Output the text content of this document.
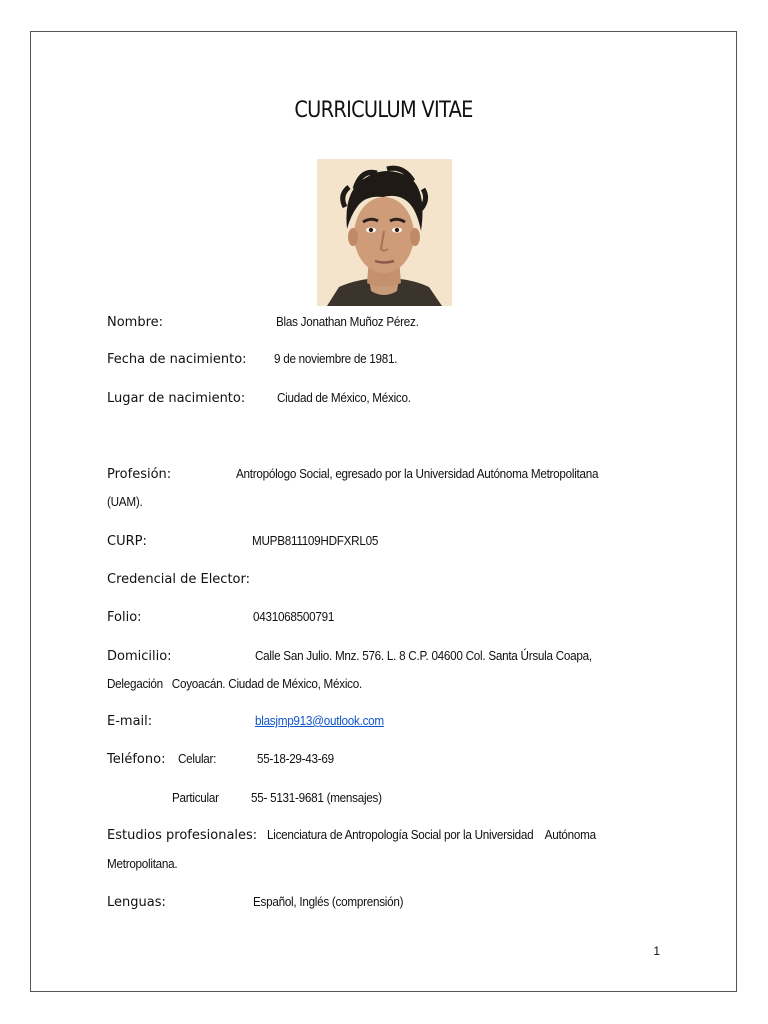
CURRICULUM VITAE
Nombre:	Blas Jonathan Muñoz Pérez.
Fecha de nacimiento: 9 de noviembre de 1981.
Lugar de nacimiento: Ciudad de México, México.
Profesión:	Antropólogo Social, egresado por la Universidad Autónoma Metropolitana
(UAM).
CURP:	MUPB811109HDFXRL05
Credencial de Elector:
Folio:	0431068500791
Domicilio:	Calle San Julio. Mnz. 576. L. 8 C.P. 04600 Col. Santa Úrsula Coapa,
Delegación   Coyoacán. Ciudad de México, México.
E-mail:	blasjmp913@outlook.com
Teléfono: Celular:	55-18-29-43-69
Particular 55- 5131-9681 (mensajes)
Estudios profesionales: Licenciatura de Antropología Social por la Universidad    Autónoma
Metropolitana.
Lenguas:	Español, Inglés (comprensión)
1
